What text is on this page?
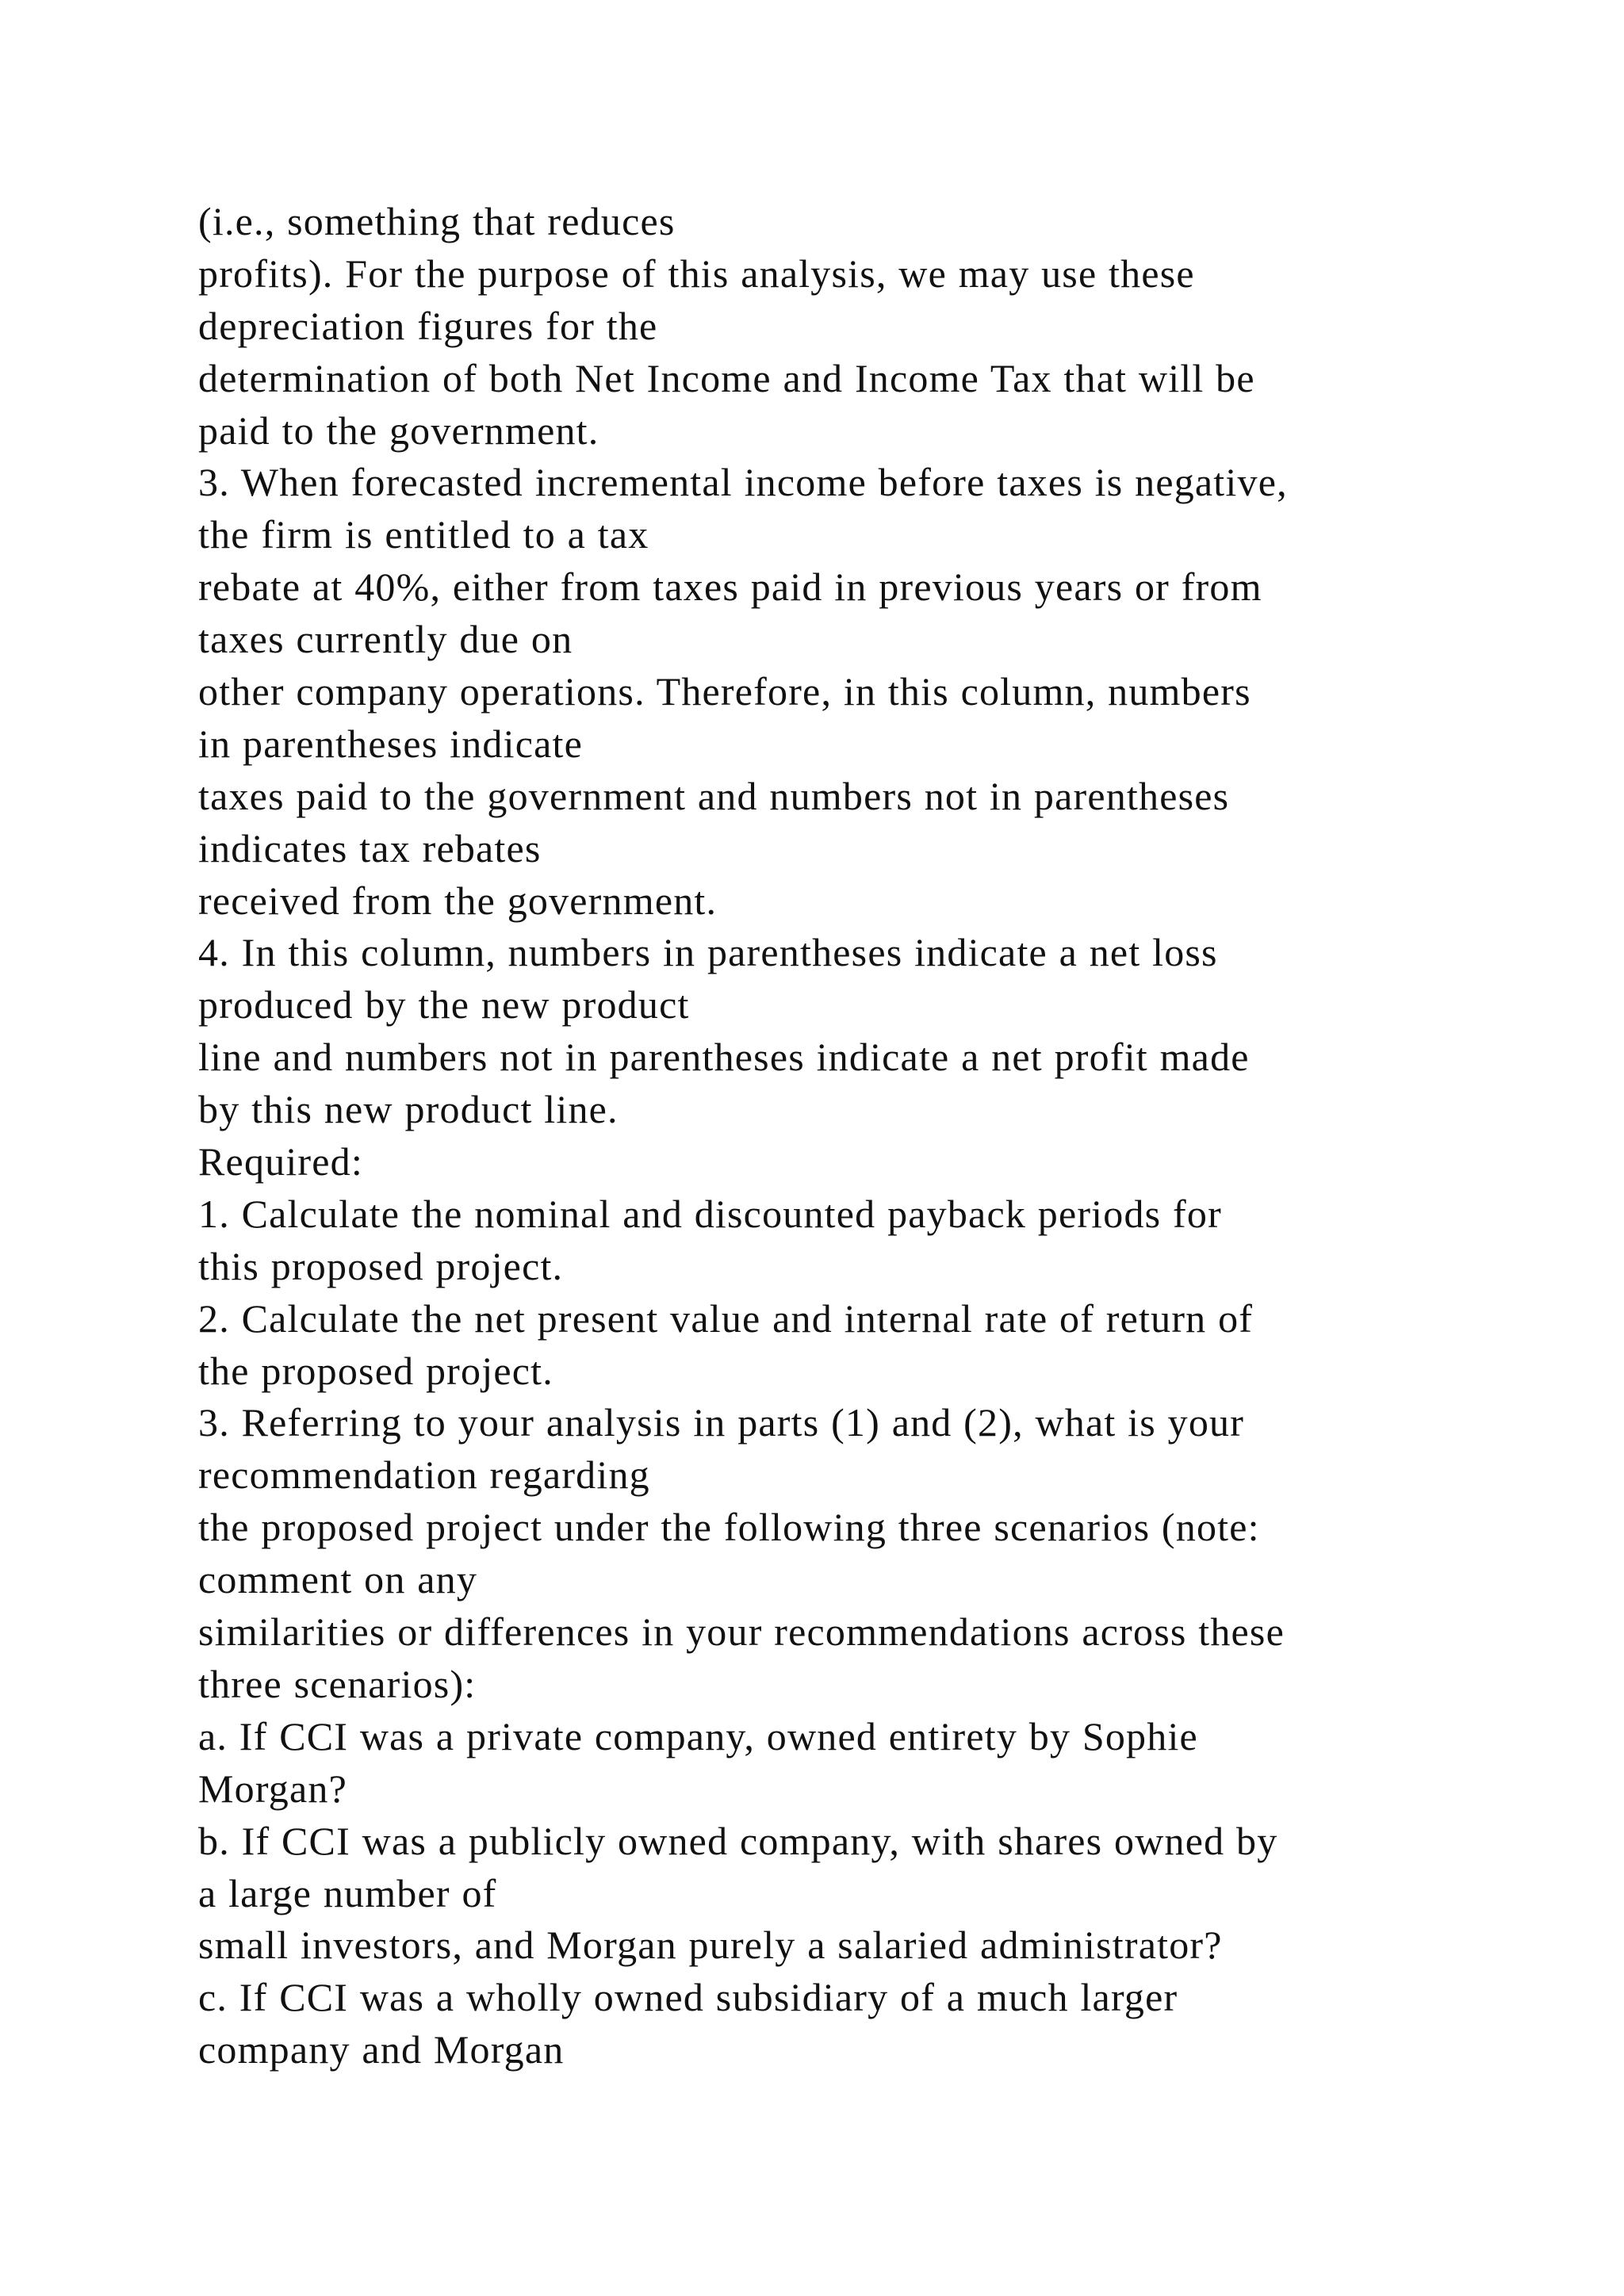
(i.e., something that reduces
profits). For the purpose of this analysis, we may use these
depreciation figures for the
determination of both Net Income and Income Tax that will be
paid to the government.
3. When forecasted incremental income before taxes is negative,
the firm is entitled to a tax
rebate at 40%, either from taxes paid in previous years or from
taxes currently due on
other company operations. Therefore, in this column, numbers
in parentheses indicate
taxes paid to the government and numbers not in parentheses
indicates tax rebates
received from the government.
4. In this column, numbers in parentheses indicate a net loss
produced by the new product
line and numbers not in parentheses indicate a net profit made
by this new product line.
Required:
1. Calculate the nominal and discounted payback periods for
this proposed project.
2. Calculate the net present value and internal rate of return of
the proposed project.
3. Referring to your analysis in parts (1) and (2), what is your
recommendation regarding
the proposed project under the following three scenarios (note:
comment on any
similarities or differences in your recommendations across these
three scenarios):
a. If CCI was a private company, owned entirety by Sophie
Morgan?
b. If CCI was a publicly owned company, with shares owned by
a large number of
small investors, and Morgan purely a salaried administrator?
c. If CCI was a wholly owned subsidiary of a much larger
company and Morgan
